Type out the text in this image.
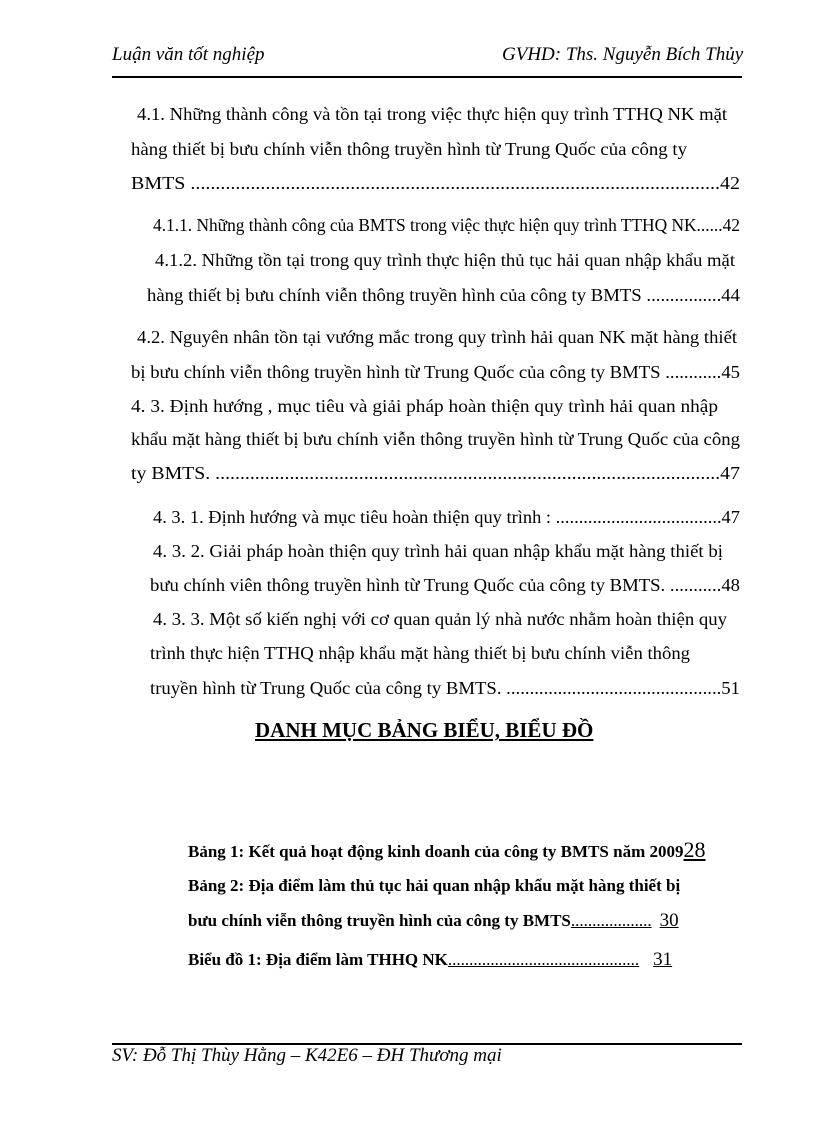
Luận văn tốt nghiệp	GVHD: Ths. Nguyễn Bích Thủy
4.1. Những thành công và tồn tại trong việc thực hiện quy trình TTHQ NK mặt
hàng thiết bị bưu chính viễn thông truyền hình từ Trung Quốc của công ty
BMTS ..........................................................................................................42
4.1.1. Những thành công của BMTS trong việc thực hiện quy trình TTHQ NK......42
4.1.2. Những tồn tại trong quy trình thực hiện thủ tục hải quan nhập khẩu mặt
hàng thiết bị bưu chính viễn thông truyền hình của công ty BMTS ................44
4.2. Nguyên nhân tồn tại vướng mắc trong quy trình hải quan NK mặt hàng thiết
bị bưu chính viễn thông truyền hình từ Trung Quốc của công ty BMTS ............45
4. 3. Định hướng , mục tiêu và giải pháp hoàn thiện quy trình hải quan nhập
khẩu mặt hàng thiết bị bưu chính viễn thông truyền hình từ Trung Quốc của công
ty BMTS. ......................................................................................................47
4. 3. 1. Định hướng và mục tiêu hoàn thiện quy trình : ....................................47
4. 3. 2. Giải pháp hoàn thiện quy trình hải quan nhập khẩu mặt hàng thiết bị
bưu chính viên thông truyền hình từ Trung Quốc của công ty BMTS. ...........48
4. 3. 3. Một số kiến nghị với cơ quan quản lý nhà nước nhằm hoàn thiện quy
trình thực hiện TTHQ nhập khẩu mặt hàng thiết bị bưu chính viễn thông
truyền hình từ Trung Quốc của công ty BMTS. ..............................................51
DANH MỤC BẢNG BIỂU, BIỂU ĐỒ
Bảng 1: Kết quả hoạt động kinh doanh của công ty BMTS năm 200928
Bảng 2: Địa điểm làm thủ tục hải quan nhập khẩu mặt hàng thiết bị
bưu chính viễn thông truyền hình của công ty BMTS................... 30
Biểu đồ 1: Địa điểm làm THHQ NK............................................. 31
SV: Đỗ Thị Thùy Hằng – K42E6 – ĐH Thương mại
